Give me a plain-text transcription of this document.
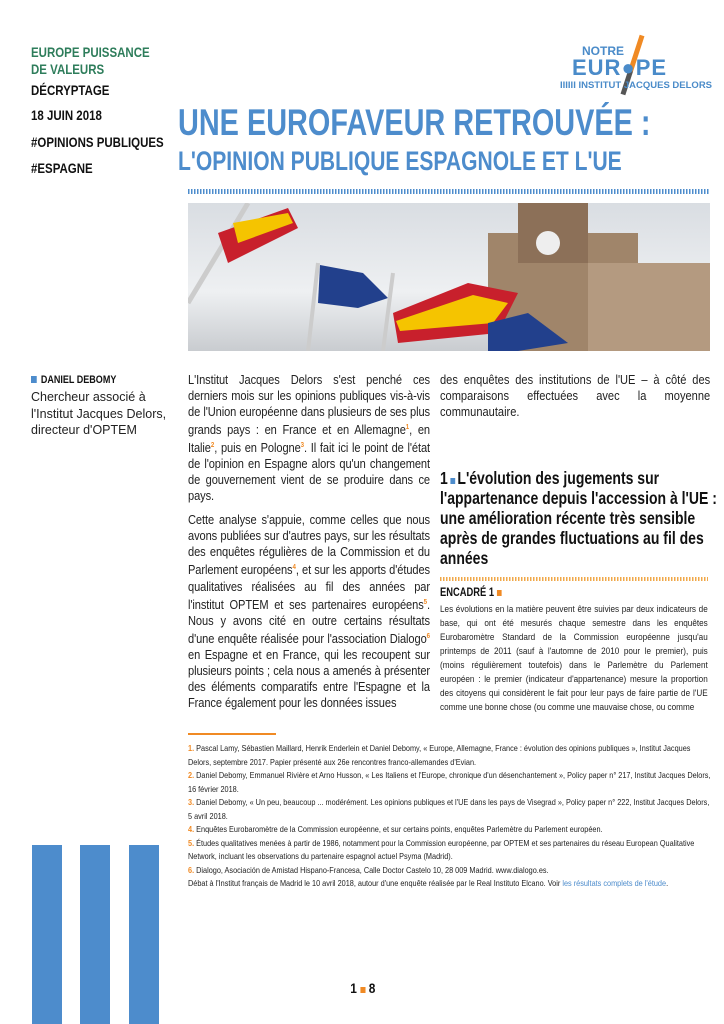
EUROPE PUISSANCE
DE VALEURS
DÉCRYPTAGE
18 JUIN 2018
#OPINIONS PUBLIQUES
#ESPAGNE
NOTRE
EUR●PE
IIIIII INSTITUT JACQUES DELORS
UNE EUROFAVEUR RETROUVÉE :
L'OPINION PUBLIQUE ESPAGNOLE ET L'UE
DANIEL DEBOMY
Chercheur associé à l'Institut Jacques Delors, directeur d'OPTEM

L'Institut Jacques Delors s'est penché ces derniers mois sur les opinions publiques vis-à-vis de l'Union européenne dans plusieurs de ses plus grands pays : en France et en Allemagne$^1$, en Italie$^2$, puis en Pologne$^3$. Il fait ici le point de l'état de l'opinion en Espagne alors qu'un changement de gouvernement vient de se produire dans ce pays.

Cette analyse s'appuie, comme celles que nous avons publiées sur d'autres pays, sur les résultats des enquêtes régulières de la Commission et du Parlement européens$^4$, et sur les apports d'études qualitatives réalisées au fil des années par l'institut OPTEM et ses partenaires européens$^5$. Nous y avons cité en outre certains résultats d'une enquête réalisée pour l'association Dialogo$^6$ en Espagne et en France, qui les recoupent sur plusieurs points ; cela nous a amenés à présenter des éléments comparatifs entre l'Espagne et la France également pour les données issues

des enquêtes des institutions de l'UE – à côté des comparaisons effectuées avec la moyenne communautaire.

1 L'évolution des jugements sur l'appartenance depuis l'accession à l'UE : une amélioration récente très sensible après de grandes fluctuations au fil des années
ENCADRÉ 1
Les évolutions en la matière peuvent être suivies par deux indicateurs de base, qui ont été mesurés chaque semestre dans les enquêtes Eurobaromètre Standard de la Commission européenne jusqu'au printemps de 2011 (sauf à l'automne de 2010 pour le premier), puis (moins régulièrement toutefois) dans le Parlemètre du Parlement européen : le premier (indicateur d'appartenance) mesure la proportion des citoyens qui considèrent le fait pour leur pays de faire partie de l'UE comme une bonne chose (ou comme une mauvaise chose, ou comme
1. Pascal Lamy, Sébastien Maillard, Henrik Enderlein et Daniel Debomy, « Europe, Allemagne, France : évolution des opinions publiques », Institut Jacques Delors, septembre 2017. Papier présenté aux 26e rencontres franco-allemandes d'Evian.
2. Daniel Debomy, Emmanuel Rivière et Arno Husson, « Les Italiens et l'Europe, chronique d'un désenchantement », Policy paper n° 217, Institut Jacques Delors, 16 février 2018.
3. Daniel Debomy, « Un peu, beaucoup ... modérément. Les opinions publiques et l'UE dans les pays de Visegrad », Policy paper n° 222, Institut Jacques Delors, 5 avril 2018.
4. Enquêtes Eurobaromètre de la Commission européenne, et sur certains points, enquêtes Parlemètre du Parlement européen.
5. Études qualitatives menées à partir de 1986, notamment pour la Commission européenne, par OPTEM et ses partenaires du réseau European Qualitative Network, incluant les observations du partenaire espagnol actuel Psyma (Madrid).
6. Dialogo, Asociación de Amistad Hispano-Francesa, Calle Doctor Castelo 10, 28 009 Madrid. www.dialogo.es.
Débat à l'Institut français de Madrid le 10 avril 2018, autour d'une enquête réalisée par le Real Instituto Elcano. Voir les résultats complets de l'étude.
1 8
